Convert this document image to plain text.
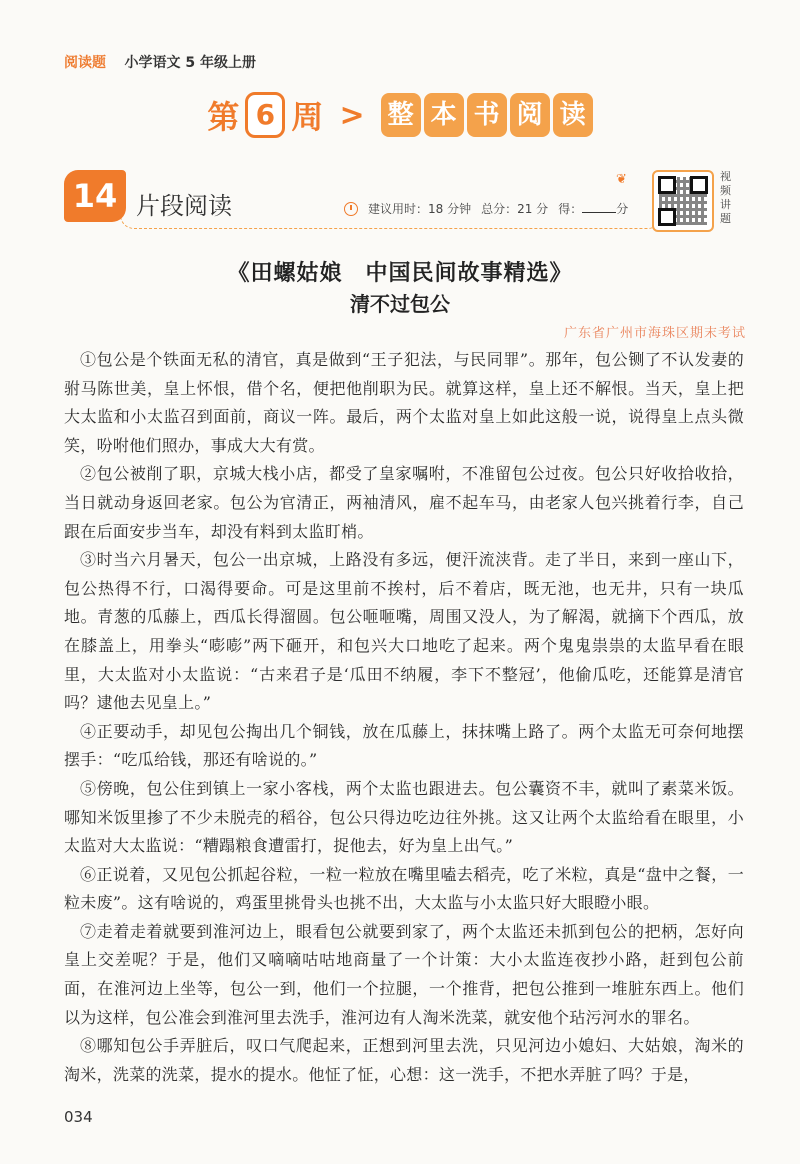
阅读题 小学语文 5 年级上册
第 6 周 > 整 本 书 阅 读
14 片段阅读
❦
建议用时：18 分钟 总分：21 分 得：	分
视频讲题
《田螺姑娘　中国民间故事精选》
清不过包公
广东省广州市海珠区期末考试

①包公是个铁面无私的清官，真是做到“王子犯法，与民同罪”。那年，包公铡了不认发妻的驸马陈世美，皇上怀恨，借个名，便把他削职为民。就算这样，皇上还不解恨。当天，皇上把大太监和小太监召到面前，商议一阵。最后，两个太监对皇上如此这般一说，说得皇上点头微笑，吩咐他们照办，事成大大有赏。

②包公被削了职，京城大栈小店，都受了皇家嘱咐，不准留包公过夜。包公只好收拾收拾，当日就动身返回老家。包公为官清正，两袖清风，雇不起车马，由老家人包兴挑着行李，自己跟在后面安步当车，却没有料到太监盯梢。

③时当六月暑天，包公一出京城，上路没有多远，便汗流浃背。走了半日，来到一座山下，包公热得不行，口渴得要命。可是这里前不挨村，后不着店，既无池，也无井，只有一块瓜地。青葱的瓜藤上，西瓜长得溜圆。包公咂咂嘴，周围又没人，为了解渴，就摘下个西瓜，放在膝盖上，用拳头“嘭嘭”两下砸开，和包兴大口地吃了起来。两个鬼鬼祟祟的太监早看在眼里，大太监对小太监说：“古来君子是‘瓜田不纳履，李下不整冠’，他偷瓜吃，还能算是清官吗？逮他去见皇上。”

④正要动手，却见包公掏出几个铜钱，放在瓜藤上，抹抹嘴上路了。两个太监无可奈何地摆摆手：“吃瓜给钱，那还有啥说的。”

⑤傍晚，包公住到镇上一家小客栈，两个太监也跟进去。包公囊资不丰，就叫了素菜米饭。哪知米饭里掺了不少未脱壳的稻谷，包公只得边吃边往外挑。这又让两个太监给看在眼里，小太监对大太监说：“糟蹋粮食遭雷打，捉他去，好为皇上出气。”

⑥正说着，又见包公抓起谷粒，一粒一粒放在嘴里嗑去稻壳，吃了米粒，真是“盘中之餐，一粒未废”。这有啥说的，鸡蛋里挑骨头也挑不出，大太监与小太监只好大眼瞪小眼。

⑦走着走着就要到淮河边上，眼看包公就要到家了，两个太监还未抓到包公的把柄，怎好向皇上交差呢？于是，他们又嘀嘀咕咕地商量了一个计策：大小太监连夜抄小路，赶到包公前面，在淮河边上坐等，包公一到，他们一个拉腿，一个推背，把包公推到一堆脏东西上。他们以为这样，包公准会到淮河里去洗手，淮河边有人淘米洗菜，就安他个玷污河水的罪名。

⑧哪知包公手弄脏后，叹口气爬起来，正想到河里去洗，只见河边小媳妇、大姑娘，淘米的淘米，洗菜的洗菜，提水的提水。他怔了怔，心想：这一洗手，不把水弄脏了吗？于是，

034
